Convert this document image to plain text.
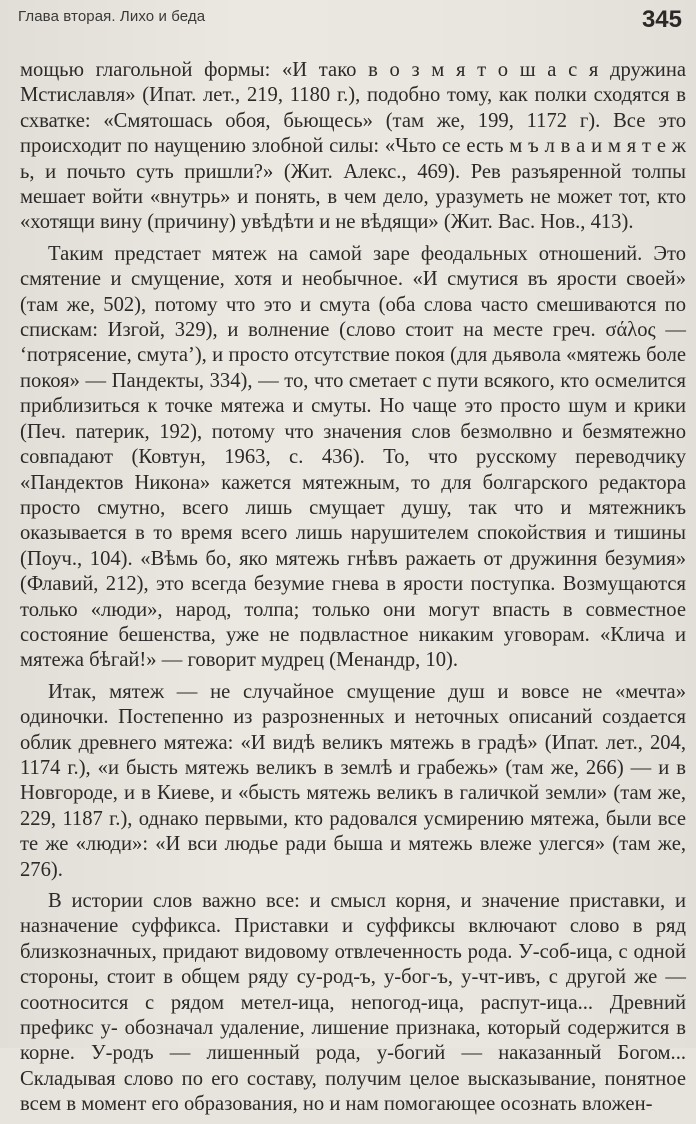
Глава вторая. Лихо и беда	345

мощью глагольной формы: «И тако в о з м я т о ш а с я дружина Мстиславля» (Ипат. лет., 219, 1180 г.), подобно тому, как полки сходятся в схватке: «Смятошась обоя, бьющесь» (там же, 199, 1172 г). Все это происходит по наущению злобной силы: «Чьто се есть м ъ л в а и м я т е ж ь, и почьто суть пришли?» (Жит. Алекс., 469). Рев разъяренной толпы мешает войти «внутрь» и понять, в чем дело, уразуметь не может тот, кто «хотящи вину (причину) увѣдѣти и не вѣдящи» (Жит. Вас. Нов., 413).

Таким предстает мятеж на самой заре феодальных отношений. Это смятение и смущение, хотя и необычное. «И смутися въ ярости своей» (там же, 502), потому что это и смута (оба слова часто смешиваются по спискам: Изгой, 329), и волнение (слово стоит на месте греч. σάλος — ‘потрясение, смута’), и просто отсутствие покоя (для дьявола «мятежь боле покоя» — Пандекты, 334), — то, что сметает с пути всякого, кто осмелится приблизиться к точке мятежа и смуты. Но чаще это просто шум и крики (Печ. патерик, 192), потому что значения слов безмолвно и безмятежно совпадают (Ковтун, 1963, с. 436). То, что русскому переводчику «Пандектов Никона» кажется мятежным, то для болгарского редактора просто смутно, всего лишь смущает душу, так что и мятежникъ оказывается в то время всего лишь нарушителем спокойствия и тишины (Поуч., 104). «Вѣмь бо, яко мятежь гнѣвъ ражаеть от дружиння безумия» (Флавий, 212), это всегда безумие гнева в ярости поступка. Возмущаются только «люди», народ, толпа; только они могут впасть в совместное состояние бешенства, уже не подвластное никаким уговорам. «Клича и мятежа бѣгай!» — говорит мудрец (Менандр, 10).

Итак, мятеж — не случайное смущение душ и вовсе не «мечта» одиночки. Постепенно из разрозненных и неточных описаний создается облик древнего мятежа: «И видѣ великъ мятежь в градѣ» (Ипат. лет., 204, 1174 г.), «и бысть мятежь великъ в землѣ и грабежь» (там же, 266) — и в Новгороде, и в Киеве, и «бысть мятежь великъ в галичкой земли» (там же, 229, 1187 г.), однако первыми, кто радовался усмирению мятежа, были все те же «люди»: «И вси людье ради быша и мятежь влеже улегся» (там же, 276).

В истории слов важно все: и смысл корня, и значение приставки, и назначение суффикса. Приставки и суффиксы включают слово в ряд близкозначных, придают видовому отвлеченность рода. У-соб-ица, с одной стороны, стоит в общем ряду су-род-ъ, у-бог-ъ, у-чт-ивъ, с другой же — соотносится с рядом метел-ица, непогод-ица, распут-ица... Древний префикс у- обозначал удаление, лишение признака, который содержится в корне. У-родъ — лишенный рода, у-богий — наказанный Богом... Складывая слово по его составу, получим целое высказывание, понятное всем в момент его образования, но и нам помогающее осознать вложен-
